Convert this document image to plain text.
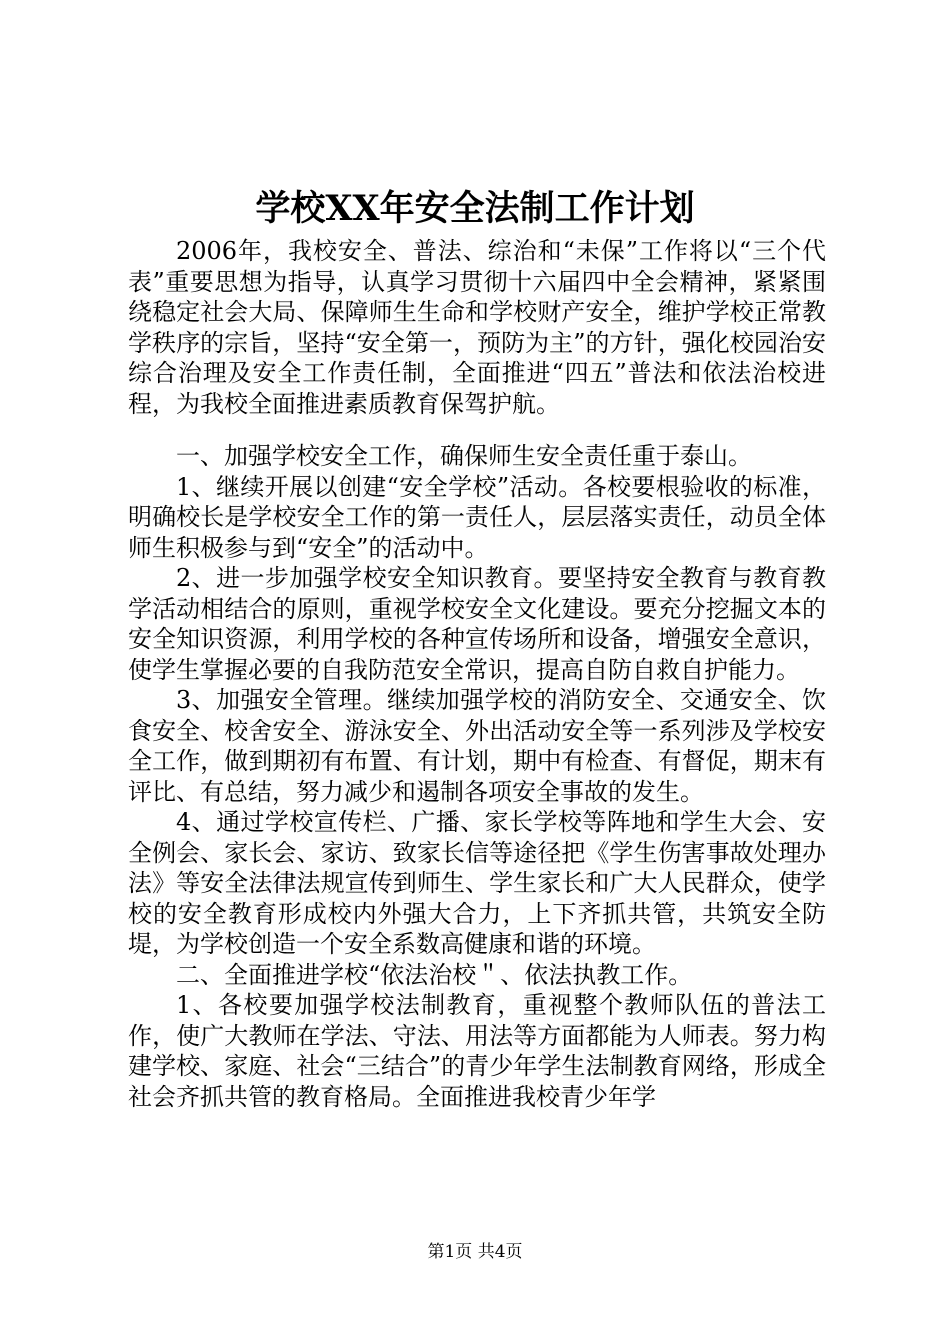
学校XX年安全法制工作计划

2006年，我校安全、普法、综治和“未保”工作将以“三个代表”重要思想为指导，认真学习贯彻十六届四中全会精神，紧紧围绕稳定社会大局、保障师生生命和学校财产安全，维护学校正常教学秩序的宗旨，坚持“安全第一，预防为主”的方针，强化校园治安综合治理及安全工作责任制，全面推进“四五”普法和依法治校进程，为我校全面推进素质教育保驾护航。

一、加强学校安全工作，确保师生安全责任重于泰山。

1、继续开展以创建“安全学校”活动。各校要根验收的标准，明确校长是学校安全工作的第一责任人，层层落实责任，动员全体师生积极参与到“安全”的活动中。

2、进一步加强学校安全知识教育。要坚持安全教育与教育教学活动相结合的原则，重视学校安全文化建设。要充分挖掘文本的安全知识资源，利用学校的各种宣传场所和设备，增强安全意识，使学生掌握必要的自我防范安全常识，提高自防自救自护能力。

3、加强安全管理。继续加强学校的消防安全、交通安全、饮食安全、校舍安全、游泳安全、外出活动安全等一系列涉及学校安全工作，做到期初有布置、有计划，期中有检查、有督促，期末有评比、有总结，努力减少和遏制各项安全事故的发生。

4、通过学校宣传栏、广播、家长学校等阵地和学生大会、安全例会、家长会、家访、致家长信等途径把《学生伤害事故处理办法》等安全法律法规宣传到师生、学生家长和广大人民群众，使学校的安全教育形成校内外强大合力，上下齐抓共管，共筑安全防堤，为学校创造一个安全系数高健康和谐的环境。

二、全面推进学校“依法治校＂、依法执教工作。

1、各校要加强学校法制教育，重视整个教师队伍的普法工作，使广大教师在学法、守法、用法等方面都能为人师表。努力构建学校、家庭、社会“三结合”的青少年学生法制教育网络，形成全社会齐抓共管的教育格局。全面推进我校青少年学

第1页 共4页
